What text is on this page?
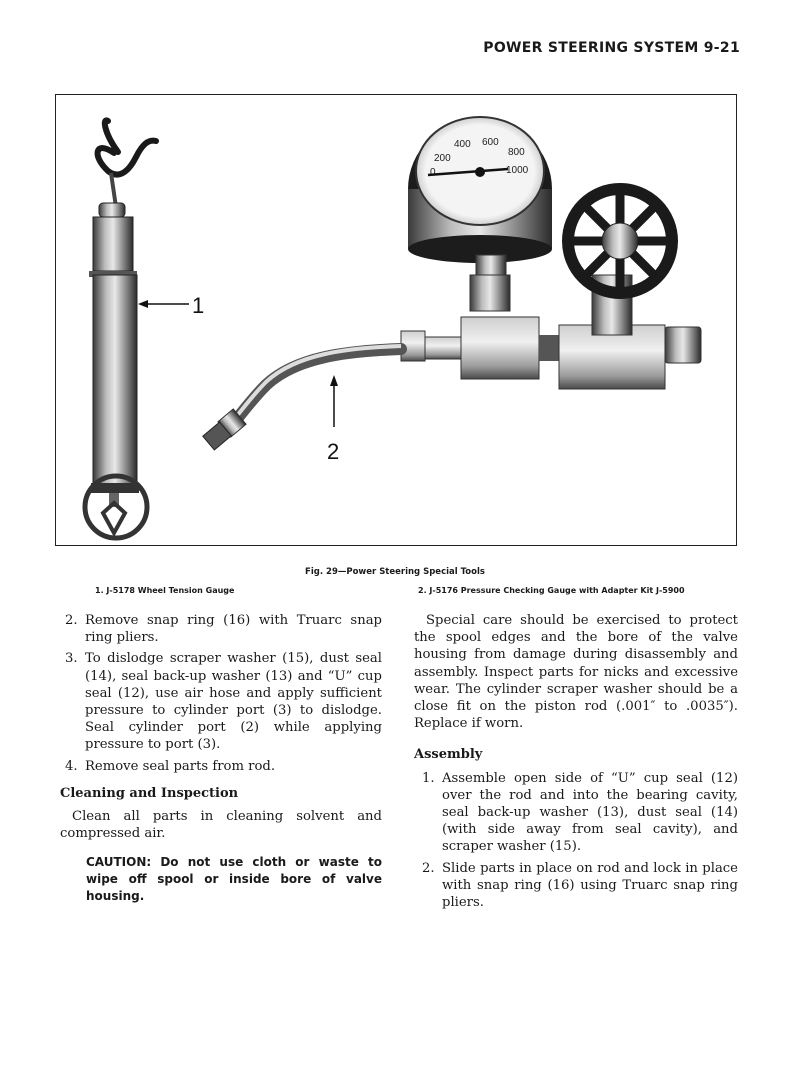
POWER STEERING SYSTEM 9-21
1
0
200
400 600
800
1000
2
Fig. 29—Power Steering Special Tools
1. J-5178 Wheel Tension Gauge	2. J-5176 Pressure Checking Gauge with Adapter Kit J-5900
2. Remove snap ring (16) with Truarc snap ring pliers.
3. To dislodge scraper washer (15), dust seal (14), seal back-up washer (13) and “U” cup seal (12), use air hose and apply sufficient pressure to cylinder port (3) to dislodge. Seal cylinder port (2) while applying pressure to port (3).
4. Remove seal parts from rod.
Cleaning and Inspection

Clean all parts in cleaning solvent and compressed air.

CAUTION: Do not use cloth or waste to wipe off spool or inside bore of valve housing.

Special care should be exercised to protect the spool edges and the bore of the valve housing from damage during disassembly and assembly. Inspect parts for nicks and excessive wear. The cylinder scraper washer should be a close fit on the piston rod (.001″ to .0035″). Replace if worn.

Assembly
1. Assemble open side of “U” cup seal (12) over the rod and into the bearing cavity, seal back-up washer (13), dust seal (14) (with side away from seal cavity), and scraper washer (15).
2. Slide parts in place on rod and lock in place with snap ring (16) using Truarc snap ring pliers.
